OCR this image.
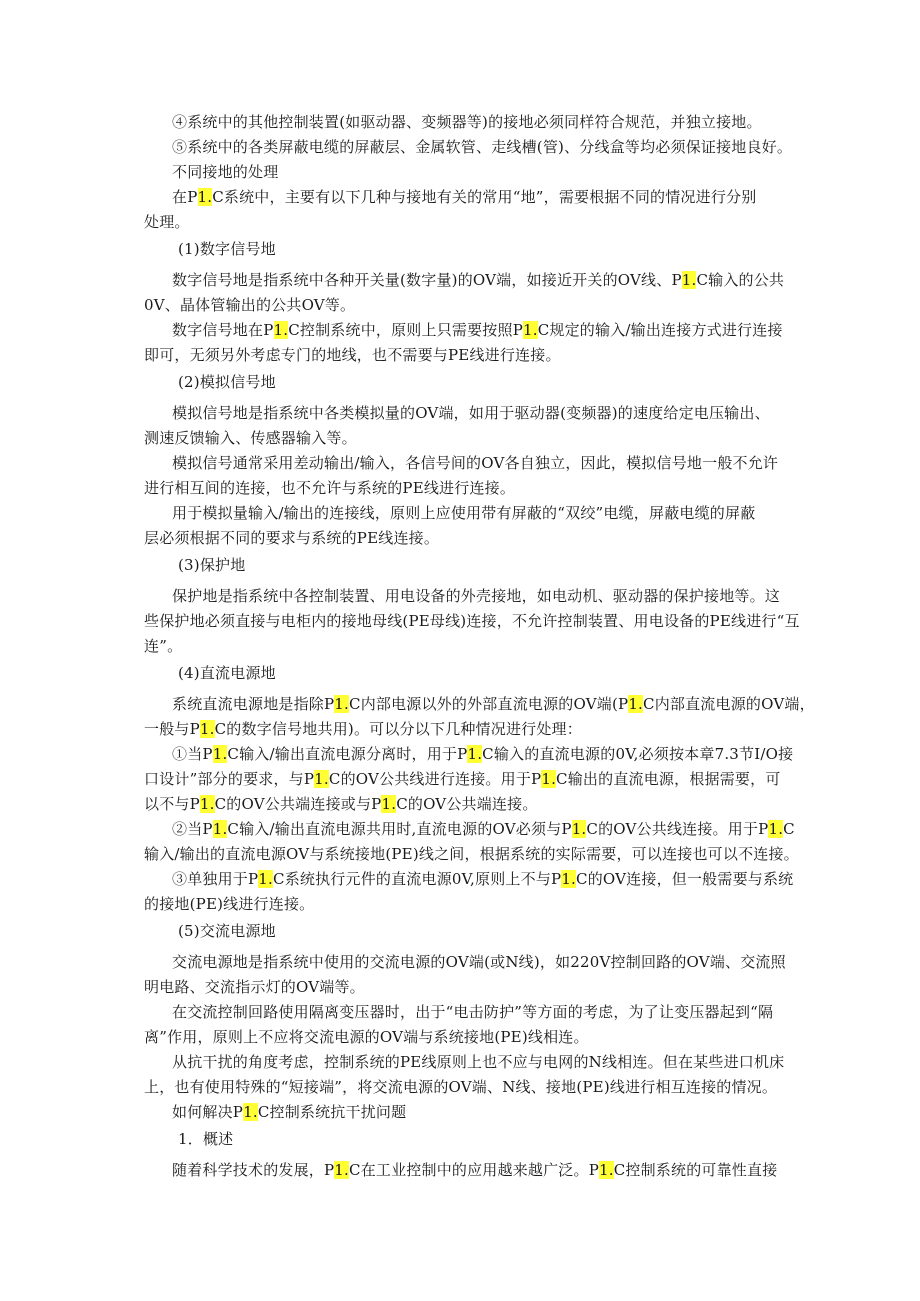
④系统中的其他控制装置(如驱动器、变频器等)的接地必须同样符合规范，并独立接地。
⑤系统中的各类屏蔽电缆的屏蔽层、金属软管、走线槽(管)、分线盒等均必须保证接地良好。
不同接地的处理
在P1.C系统中，主要有以下几种与接地有关的常用“地”，需要根据不同的情况进行分别
处理。
(1)数字信号地
数字信号地是指系统中各种开关量(数字量)的OV端，如接近开关的OV线、P1.C输入的公共
0V、晶体管输出的公共OV等。
数字信号地在P1.C控制系统中，原则上只需要按照P1.C规定的输入/输出连接方式进行连接
即可，无须另外考虑专门的地线，也不需要与PE线进行连接。
(2)模拟信号地
模拟信号地是指系统中各类模拟量的OV端，如用于驱动器(变频器)的速度给定电压输出、
测速反馈输入、传感器输入等。
模拟信号通常采用差动输出/输入，各信号间的OV各自独立，因此，模拟信号地一般不允许
进行相互间的连接，也不允许与系统的PE线进行连接。
用于模拟量输入/输出的连接线，原则上应使用带有屏蔽的“双绞”电缆，屏蔽电缆的屏蔽
层必须根据不同的要求与系统的PE线连接。
(3)保护地
保护地是指系统中各控制装置、用电设备的外壳接地，如电动机、驱动器的保护接地等。这
些保护地必须直接与电柜内的接地母线(PE母线)连接，不允许控制装置、用电设备的PE线进行“互
连”。
(4)直流电源地
系统直流电源地是指除P1.C内部电源以外的外部直流电源的OV端(P1.C内部直流电源的OV端，
一般与P1.C的数字信号地共用)。可以分以下几种情况进行处理：
①当P1.C输入/输出直流电源分离时，用于P1.C输入的直流电源的0V,必须按本章7.3节I/O接
口设计”部分的要求，与P1.C的OV公共线进行连接。用于P1.C输出的直流电源，根据需要，可
以不与P1.C的OV公共端连接或与P1.C的OV公共端连接。
②当P1.C输入/输出直流电源共用时,直流电源的OV必须与P1.C的OV公共线连接。用于P1.C
输入/输出的直流电源OV与系统接地(PE)线之间，根据系统的实际需要，可以连接也可以不连接。
③单独用于P1.C系统执行元件的直流电源0V,原则上不与P1.C的OV连接，但一般需要与系统
的接地(PE)线进行连接。
(5)交流电源地
交流电源地是指系统中使用的交流电源的OV端(或N线)，如220V控制回路的OV端、交流照
明电路、交流指示灯的OV端等。
在交流控制回路使用隔离变压器时，出于“电击防护”等方面的考虑，为了让变压器起到“隔
离”作用，原则上不应将交流电源的OV端与系统接地(PE)线相连。
从抗干扰的角度考虑，控制系统的PE线原则上也不应与电网的N线相连。但在某些进口机床
上，也有使用特殊的“短接端”，将交流电源的OV端、N线、接地(PE)线进行相互连接的情况。
如何解决P1.C控制系统抗干扰问题
1．概述
随着科学技术的发展，P1.C在工业控制中的应用越来越广泛。P1.C控制系统的可靠性直接
